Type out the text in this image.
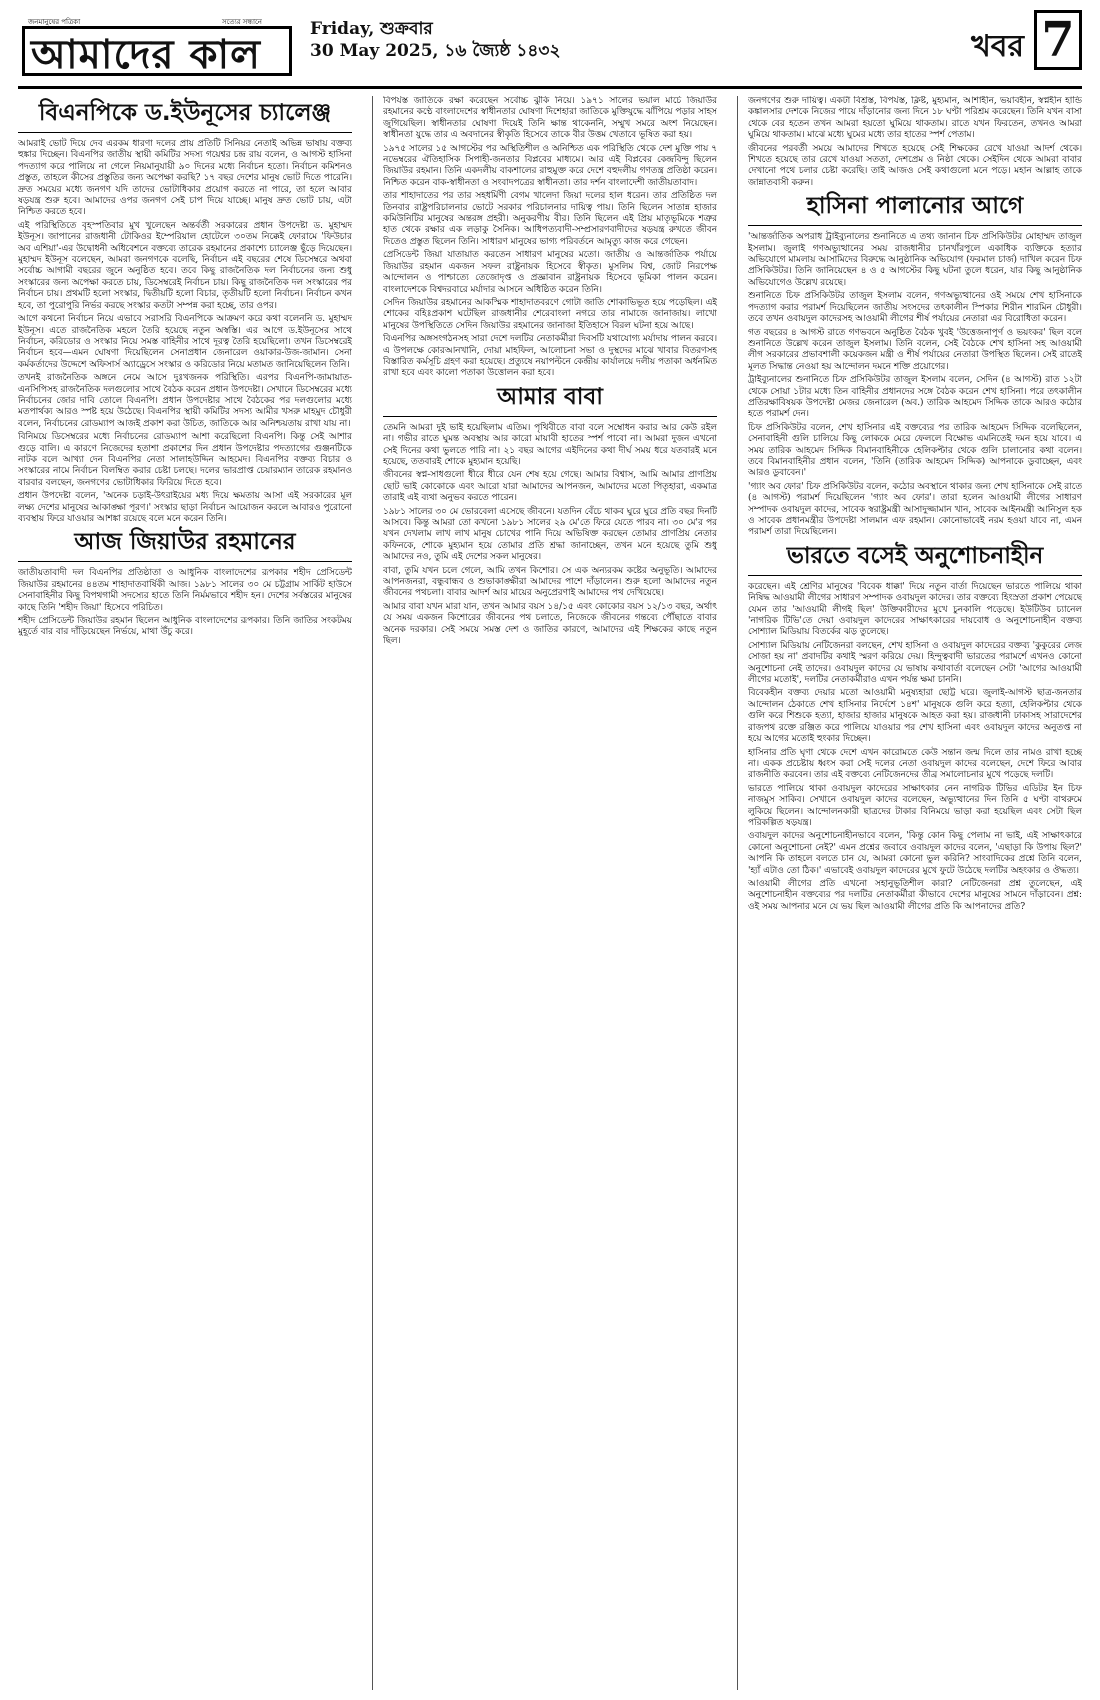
জনমানুষের পত্রিকা	সত্যের সন্ধানে
আমাদের কাল
Friday, শুক্রবার
30 May 2025, ১৬ জ্যৈষ্ঠ ১৪৩২	খবর 7
বিএনপিকে ড.ইউনূসের চ্যালেঞ্জ

আমরাই ভোট দিয়ে দেব এরকম ধারণা দলের প্রায় প্রতিটি সিনিয়র নেতাই অভিন্ন ভাষায় বক্তব্য হুঙ্কার দিচ্ছেন। বিএনপির জাতীয় স্থায়ী কমিটির সদস্য গয়েশ্বর চন্দ্র রায় বলেন, ও আগস্ট হাসিনা পদত্যাগ করে পালিয়ে না গেলে নিয়মানুযায়ী ৯০ দিনের মধ্যে নির্বাচন হতো। নির্বাচন কমিশনও প্রস্তুত, তাহলে কীসের প্রস্তুতির জন্য অপেক্ষা করছি? ১৭ বছর দেশের মানুষ ভোট দিতে পারেনি। দ্রুত সময়ের মধ্যে জনগণ যদি তাদের ভোটাধিকার প্রয়োগ করতে না পারে, তা হলে আবার ষড়যন্ত্র শুরু হবে। আমাদের ওপর জনগণ সেই চাপ দিয়ে যাচ্ছে। মানুষ দ্রুত ভোট চায়, এটা নিশ্চিত করতে হবে।

এই পরিস্থিতিতে বৃহস্পতিবার মুখ খুলেছেন অন্তর্বর্তী সরকারের প্রধান উপদেষ্টা ড. মুহাম্মদ ইউনূস। জাপানের রাজধানী টোকিওর ইম্পেরিয়াল হোটেলে ৩০তম নিক্কেই ফোরামে 'ফিউচার অব এশিয়া'-এর উদ্বোধনী অধিবেশনে বক্তব্যে তারেক রহমানের প্রকাশ্যে চ্যালেঞ্জ ছুঁড়ে দিয়েছেন। মুহাম্মদ ইউনূস বলেছেন, আমরা জনগণকে বলেছি, নির্বাচন এই বছরের শেষে ডিসেম্বরে অথবা সর্বোচ্চ আগামী বছরের জুনে অনুষ্ঠিত হবে। তবে কিছু রাজনৈতিক দল নির্বাচনের জন্য শুধু সংস্কারের জন্য অপেক্ষা করতে চায়, ডিসেম্বরেই নির্বাচন চায়। কিছু রাজনৈতিক দল সংস্কারের পর নির্বাচন চায়। প্রথমটি হলো সংস্কার, দ্বিতীয়টি হলো বিচার, তৃতীয়টি হলো নির্বাচন। নির্বাচন কখন হবে, তা পুরোপুরি নির্ভর করছে সংস্কার কতটা সম্পন্ন করা হচ্ছে, তার ওপর।

আগে কথনো নির্বাচন নিয়ে এভাবে সরাসরি বিএনপিকে আক্রমণ করে কথা বলেননি ড. মুহাম্মদ ইউনূস। এতে রাজনৈতিক মহলে তৈরি হয়েছে নতুন অস্বস্তি। এর আগে ড.ইউনূসের সাথে নির্বাচন, করিডোর ও সংস্কার নিয়ে সমস্ত বাহিনীর সাথে দূরত্ব তৈরি হয়েছিলো। তখন ডিসেম্বরেই নির্বাচন হবে—এমন ঘোষণা দিয়েছিলেন সেনাপ্রধান জেনারেল ওয়াকার-উজ-জামান। সেনা কর্মকর্তাদের উদ্দেশে অফিসার্স অ্যাড্রেসে সংস্কার ও করিডোর নিয়ে মতামত জানিয়েছিলেন তিনি।

তখনই রাজনৈতিক অঙ্গনে নেমে আসে দুঃখজনক পরিস্থিতি। এরপর বিএনপি-জামায়াত-এনসিপিসহ রাজনৈতিক দলগুলোর সাথে বৈঠক করেন প্রধান উপদেষ্টা। সেখানে ডিসেম্বরের মধ্যে নির্বাচনের জোর দাবি তোলে বিএনপি। প্রধান উপদেষ্টার সাথে বৈঠকের পর দলগুলোর মধ্যে মতপার্থক্য আরও স্পষ্ট হয়ে উঠেছে। বিএনপির স্থায়ী কমিটির সদস্য আমীর খসরু মাহমুদ চৌধুরী বলেন, নির্বাচনের রোডম্যাপ আজই প্রকাশ করা উচিত, জাতিকে আর অনিশ্চয়তায় রাখা যায় না।

বিনিময়ে ডিসেম্বরের মধ্যে নির্বাচনের রোডম্যাপ আশা করেছিলো বিএনপি। কিন্তু সেই আশার গুড়ে বালি। এ কারণে নিজেদের হতাশা প্রকাশের দিন প্রধান উপদেষ্টার পদত্যাগের গুঞ্জনটিকে নাটক বলে আখ্যা দেন বিএনপির নেতা সালাহউদ্দিন আহমেদ। বিএনপির বক্তব্য বিচার ও সংস্কারের নামে নির্বাচন বিলম্বিত করার চেষ্টা চলছে। দলের ভারপ্রাপ্ত চেয়ারম্যান তারেক রহমানও বারবার বলছেন, জনগণের ভোটাধিকার ফিরিয়ে দিতে হবে।

প্রধান উপদেষ্টা বলেন, 'অনেক চড়াই-উৎরাইয়ের মধ্য দিয়ে ক্ষমতায় আসা এই সরকারের মূল লক্ষ্য দেশের মানুষের আকাঙ্ক্ষা পূরণ।' সংস্কার ছাড়া নির্বাচন আয়োজন করলে আবারও পুরোনো ব্যবস্থায় ফিরে যাওয়ার আশঙ্কা রয়েছে বলে মনে করেন তিনি।

আজ জিয়াউর রহমানের

জাতীয়তাবাদী দল বিএনপির প্রতিষ্ঠাতা ও আধুনিক বাংলাদেশের রূপকার শহীদ প্রেসিডেন্ট জিয়াউর রহমানের ৪৪তম শাহাদাতবার্ষিকী আজ। ১৯৮১ সালের ৩০ মে চট্টগ্রাম সার্কিট হাউসে সেনাবাহিনীর কিছু বিপথগামী সদস্যের হাতে তিনি নির্মমভাবে শহীদ হন। দেশের সর্বস্তরের মানুষের কাছে তিনি 'শহীদ জিয়া' হিসেবে পরিচিত।

শহীদ প্রেসিডেন্ট জিয়াউর রহমান ছিলেন আধুনিক বাংলাদেশের রূপকার। তিনি জাতির সংকটময় মুহূর্তে বার বার দাঁড়িয়েছেন নির্ভয়ে, মাথা উঁচু করে।

বিপর্যস্ত জাতিকে রক্ষা করেছেন সর্বোচ্চ ঝুঁকি নিয়ে। ১৯৭১ সালের ভয়াল মার্চে জিয়াউর রহমানের কণ্ঠে বাংলাদেশের স্বাধীনতার ঘোষণা দিশেহারা জাতিকে মুক্তিযুদ্ধে ঝাঁপিয়ে পড়ার সাহস জুগিয়েছিল। স্বাধীনতার ঘোষণা দিয়েই তিনি ক্ষান্ত থাকেননি, সম্মুখ সমরে অংশ নিয়েছেন। স্বাধীনতা যুদ্ধে তার এ অবদানের স্বীকৃতি হিসেবে তাকে বীর উত্তম খেতাবে ভূষিত করা হয়।

১৯৭৫ সালের ১৫ আগস্টের পর অস্থিতিশীল ও অনিশ্চিত এক পরিস্থিতি থেকে দেশ মুক্তি পায় ৭ নভেম্বরের ঐতিহাসিক সিপাহী-জনতার বিপ্লবের মাধ্যমে। আর এই বিপ্লবের কেন্দ্রবিন্দু ছিলেন জিয়াউর রহমান। তিনি একদলীয় বাকশালের রাহুমুক্ত করে দেশে বহুদলীয় গণতন্ত্র প্রতিষ্ঠা করেন। নিশ্চিত করেন বাক-স্বাধীনতা ও সংবাদপত্রের স্বাধীনতা। তার দর্শন বাংলাদেশী জাতীয়তাবাদ।

তার শাহাদাতের পর তার সহধর্মিণী বেগম খালেদা জিয়া দলের হাল ধরেন। তার প্রতিষ্ঠিত দল তিনবার রাষ্ট্রপরিচালনার ভোটে সরকার পরিচালনার দায়িত্ব পায়। তিনি ছিলেন সাতান্ন হাজার কমিউনিটির মানুষের অন্তরঙ্গ প্রহরী। অনুকরণীয় বীর। তিনি ছিলেন এই প্রিয় মাতৃভূমিকে শত্রুর হাত থেকে রক্ষার এক লড়াকু সৈনিক। আধিপত্যবাদী-সম্প্রসারণবাদীদের ষড়যন্ত্র রুখতে জীবন দিতেও প্রস্তুত ছিলেন তিনি। সাধারণ মানুষের ভাগ্য পরিবর্তনে আমৃত্যু কাজ করে গেছেন।

প্রেসিডেন্ট জিয়া যাতায়াত করতেন সাধারণ মানুষের মতো। জাতীয় ও আন্তর্জাতিক পর্যায়ে জিয়াউর রহমান একজন সফল রাষ্ট্রনায়ক হিসেবে স্বীকৃত। মুসলিম বিশ্ব, জোট নিরপেক্ষ আন্দোলন ও পাশ্চাত্যে তেজোদৃপ্ত ও প্রজ্ঞাবান রাষ্ট্রনায়ক হিসেবে ভূমিকা পালন করেন। বাংলাদেশকে বিশ্বদরবারে মর্যাদার আসনে অধিষ্ঠিত করেন তিনি।

সেদিন জিয়াউর রহমানের আকস্মিক শাহাদাতবরণে গোটা জাতি শোকাভিভূত হয়ে পড়েছিল। এই শোকের বহিঃপ্রকাশ ঘটেছিল রাজধানীর শেরেবাংলা নগরে তার নামাজে জানাজায়। লাখো মানুষের উপস্থিতিতে সেদিন জিয়াউর রহমানের জানাজা ইতিহাসে বিরল ঘটনা হয়ে আছে।

বিএনপির অঙ্গসংগঠনসহ সারা দেশে দলটির নেতাকর্মীরা দিবসটি যথাযোগ্য মর্যাদায় পালন করবে। এ উপলক্ষে কোরআনখানি, দোয়া মাহফিল, আলোচনা সভা ও দুস্থদের মাঝে খাবার বিতরণসহ বিস্তারিত কর্মসূচি গ্রহণ করা হয়েছে। প্রত্যুষে নয়াপল্টনে কেন্দ্রীয় কার্যালয়ে দলীয় পতাকা অর্ধনমিত রাখা হবে এবং কালো পতাকা উত্তোলন করা হবে।

আমার বাবা

তেমনি আমরা দুই ভাই হয়েছিলাম এতিম। পৃথিবীতে বাবা বলে সম্বোধন করার আর কেউ রইল না। গভীর রাতে ঘুমন্ত অবস্থায় আর কারো মায়াবী হাতের স্পর্শ পাবো না। আমরা দুজন এখনো সেই দিনের কথা ভুলতে পারি না। ২১ বছর আগের এইদিনের কথা দীর্ঘ সময় ধরে যতবারই মনে হয়েছে, ততবারই শোকে মুহ্যমান হয়েছি।

জীবনের স্বপ্ন-সাধগুলো ধীরে ধীরে যেন শেষ হয়ে গেছে। আমার বিশ্বাস, আমি আমার প্রাণপ্রিয় ছোট ভাই কোকোকে এবং আরো যারা আমাদের আপনজন, আমাদের মতো পিতৃহারা, একমাত্র তারাই এই ব্যথা অনুভব করতে পারেন।

১৯৮১ সালের ৩০ মে ভোরবেলা এসেছে জীবনে। যতদিন বেঁচে থাকব ঘুরে ঘুরে প্রতি বছর দিনটি আসবে। কিন্তু আমরা তো কখনো ১৯৮১ সালের ২৯ মে'তে ফিরে যেতে পারব না। ৩০ মে'র পর যখন দেখলাম লাখ লাখ মানুষ চোখের পানি দিয়ে অভিষিক্ত করছেন তোমার প্রাণপ্রিয় নেতার কফিনকে, শোকে মুহ্যমান হয়ে তোমার প্রতি শ্রদ্ধা জানাচ্ছেন, তখন মনে হয়েছে তুমি শুধু আমাদের নও, তুমি এই দেশের সকল মানুষের।

বাবা, তুমি যখন চলে গেলে, আমি তখন কিশোর। সে এক অন্যরকম কষ্টের অনুভূতি। আমাদের আপনজনরা, বন্ধুবান্ধব ও শুভাকাঙ্ক্ষীরা আমাদের পাশে দাঁড়ালেন। শুরু হলো আমাদের নতুন জীবনের পথচলা। বাবার আদর্শ আর মায়ের অনুপ্রেরণাই আমাদের পথ দেখিয়েছে।

আমার বাবা যখন মারা যান, তখন আমার বয়স ১৪/১৫ এবং কোকোর বয়স ১২/১৩ বছর, অর্থাৎ যে সময় একজন কিশোরের জীবনের পথ চলাতে, নিজেকে জীবনের গন্তব্যে পৌঁছাতে বাবার অনেক দরকার। সেই সময়ে সমস্ত দেশ ও জাতির কারণে, আমাদের এই শিক্ষকের কাছে নতুন ছিল।

জনগণের শুরু দায়িত্ব। একটা বিশ্রস্ত, বিপর্যস্ত, ক্লিষ্ট, মুহ্যমান, আশাহীন, ভয়াবহীন, স্বপ্নহীন হান্ডি কঙ্কালসার দেশকে নিজের পায়ে দাঁড়ানোর জন্য দিনে ১৮ ঘণ্টা পরিশ্রম করেছেন। তিনি যখন বাসা থেকে বের হতেন তখন আমরা হয়তো ঘুমিয়ে থাকতাম। রাতে যখন ফিরতেন, তখনও আমরা ঘুমিয়ে থাকতাম। মাঝে মধ্যে ঘুমের মধ্যে তার হাতের স্পর্শ পেতাম।

জীবনের পরবর্তী সময়ে আমাদের শিখতে হয়েছে সেই শিক্ষকের রেখে যাওয়া আদর্শ থেকে। শিখতে হয়েছে তার রেখে যাওয়া সততা, দেশপ্রেম ও নিষ্ঠা থেকে। সেইদিন থেকে আমরা বাবার দেখানো পথে চলার চেষ্টা করেছি। তাই আজও সেই কথাগুলো মনে পড়ে। মহান আল্লাহ তাকে জান্নাতবাসী করুন।

হাসিনা পালানোর আগে

'আন্তর্জাতিক অপরাধ ট্রাইব্যুনালের শুনানিতে এ তথ্য জানান চিফ প্রসিকিউটর মোহাম্মদ তাজুল ইসলাম। জুলাই গণঅভ্যুত্থানের সময় রাজধানীর চানখাঁরপুলে একাধিক ব্যক্তিকে হত্যার অভিযোগে মামলায় আসামিদের বিরুদ্ধে আনুষ্ঠানিক অভিযোগ (ফরমাল চার্জ) দাখিল করেন চিফ প্রসিকিউটর। তিনি জানিয়েছেন ৪ ও ৫ আগস্টের কিছু ঘটনা তুলে ধরেন, যার কিছু আনুষ্ঠানিক অভিযোগেও উল্লেখ রয়েছে।

শুনানিতে চিফ প্রসিকিউটর তাজুল ইসলাম বলেন, গণঅভ্যুত্থানের ওই সময়ে শেখ হাসিনাকে পদত্যাগ করার পরামর্শ দিয়েছিলেন জাতীয় সংসদের তৎকালীন স্পিকার শিরীন শারমিন চৌধুরী। তবে তখন ওবায়দুল কাদেরসহ আওয়ামী লীগের শীর্ষ পর্যায়ের নেতারা এর বিরোধিতা করেন।

গত বছরের ৪ আগস্ট রাতে গণভবনে অনুষ্ঠিত বৈঠক খুবই 'উত্তেজনাপূর্ণ ও ভয়ংকর' ছিল বলে শুনানিতে উল্লেখ করেন তাজুল ইসলাম। তিনি বলেন, সেই বৈঠকে শেখ হাসিনা সহ আওয়ামী লীগ সরকারের প্রভাবশালী কয়েকজন মন্ত্রী ও শীর্ষ পর্যায়ের নেতারা উপস্থিত ছিলেন। সেই রাতেই মূলত সিদ্ধান্ত নেওয়া হয় আন্দোলন দমনে শক্তি প্রয়োগের।

ট্রাইব্যুনালের শুনানিতে চিফ প্রসিকিউটর তাজুল ইসলাম বলেন, সেদিন (৪ আগস্ট) রাত ১২টা থেকে সোয়া ১টার মধ্যে তিন বাহিনীর প্রধানদের সঙ্গে বৈঠক করেন শেখ হাসিনা। পরে তৎকালীন প্রতিরক্ষাবিষয়ক উপদেষ্টা মেজর জেনারেল (অব.) তারিক আহমেদ সিদ্দিক তাকে আরও কঠোর হতে পরামর্শ দেন।

চিফ প্রসিকিউটর বলেন, শেখ হাসিনার এই বক্তব্যের পর তারিক আহমেদ সিদ্দিক বলেছিলেন, সেনাবাহিনী গুলি চালিয়ে কিছু লোককে মেরে ফেললে বিক্ষোভ এমনিতেই দমন হয়ে যাবে। এ সময় তারিক আহমেদ সিদ্দিক বিমানবাহিনীকে হেলিকপ্টার থেকে গুলি চালানোর কথা বলেন। তবে বিমানবাহিনীর প্রধান বলেন, 'তিনি (তারিক আহমেদ সিদ্দিক) আপনাকে ডুবাচ্ছেন, এবং আরও ডুবাবেন।'

'গ্যাং অব ফোর' চিফ প্রসিকিউটর বলেন, কঠোর অবস্থানে থাকার জন্য শেখ হাসিনাকে সেই রাতে (৪ আগস্ট) পরামর্শ দিয়েছিলেন 'গ্যাং অব ফোর'। তারা হলেন আওয়ামী লীগের সাধারণ সম্পাদক ওবায়দুল কাদের, সাবেক স্বরাষ্ট্রমন্ত্রী আসাদুজ্জামান খান, সাবেক আইনমন্ত্রী আনিসুল হক ও সাবেক প্রধানমন্ত্রীর উপদেষ্টা সালমান এফ রহমান। কোনোভাবেই নরম হওয়া যাবে না, এমন পরামর্শ তারা দিয়েছিলেন।

ভারতে বসেই অনুশোচনাহীন

করেছেন। এই শ্রেণির মানুষের 'বিবেক ধাক্কা' দিয়ে নতুন বার্তা দিয়েছেন ভারতে পালিয়ে থাকা নিষিদ্ধ আওয়ামী লীগের সাধারণ সম্পাদক ওবায়দুল কাদের। তার বক্তব্যে হিংস্রতা প্রকাশ পেয়েছে যেমন তার 'আওয়ামী লীগই ছিল' উক্তিকারীদের মুখে চুনকালি পড়েছে। ইউটিউব চ্যানেল 'নাগরিক টিভি'তে দেয়া ওবায়দুল কাদেরের সাক্ষাৎকারের দায়বোধ ও অনুশোচনাহীন বক্তব্য সোশ্যাল মিডিয়ায় বিতর্কের ঝড় তুলেছে।

সোশ্যাল মিডিয়ায় নেটিজেনরা বলছেন, শেখ হাসিনা ও ওবায়দুল কাদেরের বক্তব্য 'কুকুরের লেজ সোজা হয় না' প্রবাদটির কথাই স্মরণ করিয়ে দেয়। হিন্দুত্ববাদী ভারতের পরামর্শে এখনও কোনো অনুশোচনা নেই তাদের। ওবায়দুল কাদের যে ভাষায় কথাবার্তা বলেছেন সেটা 'আগের আওয়ামী লীগের মতোই', দলটির নেতাকর্মীরাও এখন পর্যন্ত ক্ষমা চাননি।

বিবেকহীন বক্তব্য দেয়ার মতো আওয়ামী মনুষ্যহারা ছোট্ট ঘরে। জুলাই-আগস্ট ছাত্র-জনতার আন্দোলন ঠেকাতে শেখ হাসিনার নির্দেশে ১৪শ' মানুষকে গুলি করে হত্যা, হেলিকপ্টার থেকে গুলি করে শিশুকে হত্যা, হাজার হাজার মানুষকে আহত করা হয়। রাজধানী ঢাকাসহ সারাদেশের রাজপথ রক্তে রঞ্জিত করে পালিয়ে যাওয়ার পর শেখ হাসিনা এবং ওবায়দুল কাদের অনুতপ্ত না হয়ে আগের মতোই হুংকার দিচ্ছেন।

হাসিনার প্রতি ঘৃণা থেকে দেশে এখন কারোমতে কেউ সন্তান জন্ম দিলে তার নামও রাখা হচ্ছে না। একক প্রচেষ্টায় ধ্বংস করা সেই দলের নেতা ওবায়দুল কাদের বলেছেন, দেশে ফিরে আবার রাজনীতি করবেন। তার এই বক্তব্যে নেটিজেনদের তীব্র সমালোচনার মুখে পড়েছে দলটি।

ভারতে পালিয়ে থাকা ওবায়দুল কাদেরের সাক্ষাৎকার নেন নাগরিক টিভির এডিটর ইন চিফ নাজমুস সাকিব। সেখানে ওবায়দুল কাদের বলেছেন, অভ্যুত্থানের দিন তিনি ৫ ঘণ্টা বাথরুমে লুকিয়ে ছিলেন। আন্দোলনকারী ছাত্রদের টাকার বিনিময়ে ভাড়া করা হয়েছিল এবং সেটা ছিল পরিকল্পিত ষড়যন্ত্র।

ওবায়দুল কাদের অনুশোচনাহীনভাবে বলেন, 'কিন্তু কোন কিছু পেলাম না ভাই, এই সাক্ষাৎকারে কোনো অনুশোচনা নেই?' এমন প্রশ্নের জবাবে ওবায়দুল কাদের বলেন, 'এছাড়া কি উপায় ছিল?' আপনি কি তাহলে বলতে চান যে, আমরা কোনো ভুল করিনি? সাংবাদিকের প্রশ্নে তিনি বলেন, 'হ্যাঁ এটাও তো ঠিক।' এভাবেই ওবায়দুল কাদেরের মুখে ফুটে উঠেছে দলটির অহংকার ও ঔদ্ধত্য।

আওয়ামী লীগের প্রতি এখনো সহানুভূতিশীল কারা? নেটিজেনরা প্রশ্ন তুলেছেন, এই অনুশোচনাহীন বক্তব্যের পর দলটির নেতাকর্মীরা কীভাবে দেশের মানুষের সামনে দাঁড়াবেন। প্রশ্ন: ওই সময় আপনার মনে যে ভয় ছিল আওয়ামী লীগের প্রতি কি আপনাদের প্রতি?
